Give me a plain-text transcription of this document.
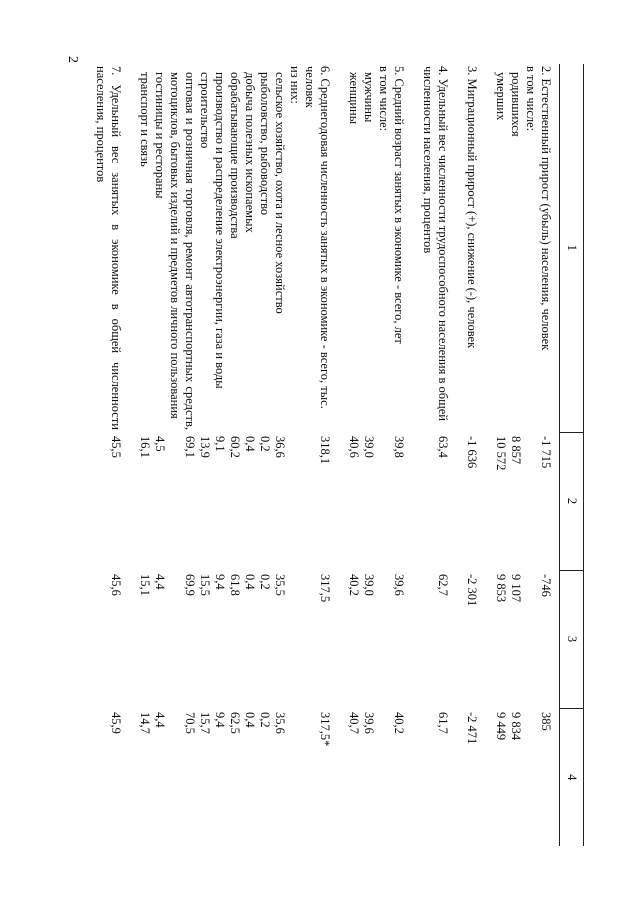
2
1	2	3	4
2. Естественный прирост (убыль) населения, человек	-1 715	-746	385
в том числе:			
родившихся	8 857	9 107	9 834
умерших	10 572	9 853	9 449

3. Миграционный прирост (+), снижение (-), человек	-1 636	-2 301	-2 471

4. Удельный вес численности трудоспособного населения в общей численности населения, процентов	63,4	62,7	61,7

5. Средний возраст занятых в экономике - всего, лет	39,8	39,6	40,2
в том числе:			
мужчины	39,0	39,0	39,6
женщины	40,6	40,2	40,7

6. Среднегодовая численность занятых в экономике - всего, тыс. человек	318,1	317,5	317,5*
из них:			
сельское хозяйство, охота и лесное хозяйство	36,6	35,5	35,6
рыболовство, рыбоводство	0,2	0,2	0,2
добыча полезных ископаемых	0,4	0,4	0,4
обрабатывающие производства	60,2	61,8	62,5
производство и распределение электроэнергии, газа и воды	9,1	9,4	9,4
строительство	13,9	15,5	15,7
оптовая и розничная торговля, ремонт автотранспортных средств, мотоциклов, бытовых изделий и предметов личного пользования	69,1	69,9	70,5
гостиницы и рестораны	4,5	4,4	4,4
транспорт и связь	16,1	15,1	14,7

7. Удельный вес занятых в экономике в общей численности населения, процентов	45,5	45,6	45,9
